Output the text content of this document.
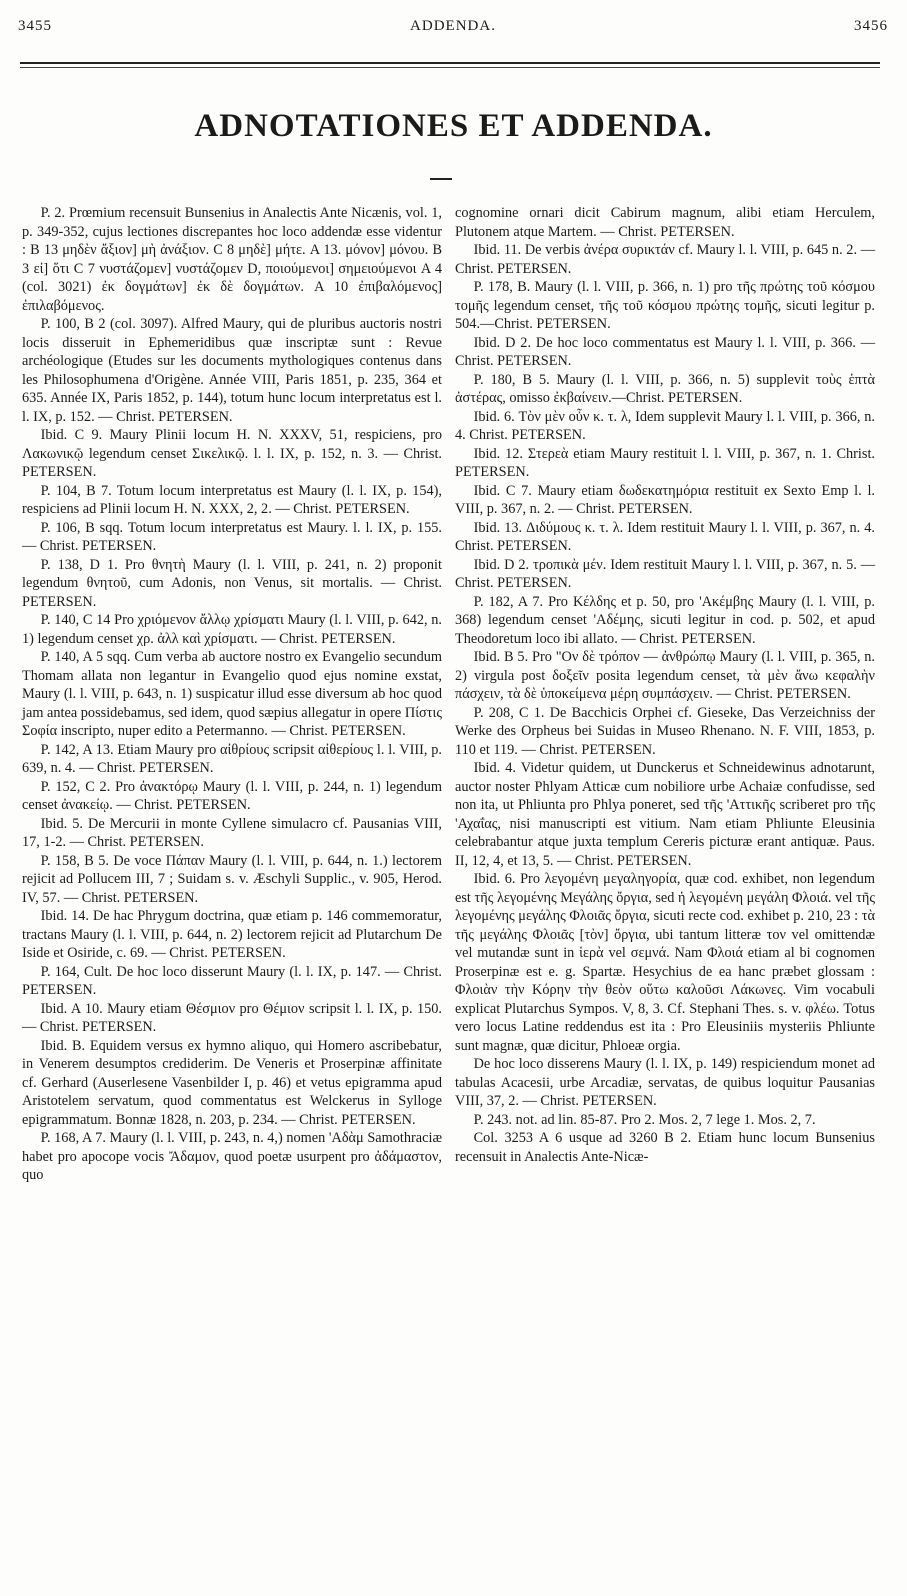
3455	ADDENDA.	3456
ADNOTATIONES ET ADDENDA.

P. 2. Prœmium recensuit Bunsenius in Analectis Ante Nicænis, vol. 1, p. 349-352, cujus lectiones discrepantes hoc loco addendæ esse videntur : B 13 μηδὲν ἄξιον] μὴ ἀνάξιον. C 8 μηδὲ] μήτε. A 13. μόνον] μόνου. B 3 εἰ] ὅτι C 7 νυστάζομεν] νυστάζομεν D, ποιούμενοι] σημειούμενοι A 4 (col. 3021) ἐκ δογμάτων] ἐκ δὲ δογμάτων. A 10 ἐπιβαλόμενος] ἐπιλαβόμενος.

P. 100, B 2 (col. 3097). Alfred Maury, qui de pluribus auctoris nostri locis disseruit in Ephemeridibus quæ inscriptæ sunt : Revue archéologique (Etudes sur les documents mythologiques contenus dans les Philosophumena d'Origène. Année VIII, Paris 1851, p. 235, 364 et 635. Année IX, Paris 1852, p. 144), totum hunc locum interpretatus est l. l. IX, p. 152. — Christ. PETERSEN.

Ibid. C 9. Maury Plinii locum H. N. XXXV, 51, respiciens, pro Λακωνικῷ legendum censet Σικελικῷ. l. l. IX, p. 152, n. 3. — Christ. PETERSEN.

P. 104, B 7. Totum locum interpretatus est Maury (l. l. IX, p. 154), respiciens ad Plinii locum H. N. XXX, 2, 2. — Christ. PETERSEN.

P. 106, B sqq. Totum locum interpretatus est Maury. l. l. IX, p. 155. — Christ. PETERSEN.

P. 138, D 1. Pro θνητὴ Maury (l. l. VIII, p. 241, n. 2) proponit legendum θνητοῦ, cum Adonis, non Venus, sit mortalis. — Christ. PETERSEN.

P. 140, C 14 Pro χριόμενον ἄλλῳ χρίσματι Maury (l. l. VIII, p. 642, n. 1) legendum censet χρ. ἀλλ καὶ χρίσματι. — Christ. PETERSEN.

P. 140, A 5 sqq. Cum verba ab auctore nostro ex Evangelio secundum Thomam allata non legantur in Evangelio quod ejus nomine exstat, Maury (l. l. VIII, p. 643, n. 1) suspicatur illud esse diversum ab hoc quod jam antea possidebamus, sed idem, quod sæpius allegatur in opere Πίστις Σοφία inscripto, nuper edito a Petermanno. — Christ. PETERSEN.

P. 142, A 13. Etiam Maury pro αἰθρίους scripsit αἰθερίους l. l. VIII, p. 639, n. 4. — Christ. PETERSEN.

P. 152, C 2. Pro ἀνακτόρῳ Maury (l. l. VIII, p. 244, n. 1) legendum censet ἀνακείῳ. — Christ. PETERSEN.

Ibid. 5. De Mercurii in monte Cyllene simulacro cf. Pausanias VIII, 17, 1-2. — Christ. PETERSEN.

P. 158, B 5. De voce Πάπαν Maury (l. l. VIII, p. 644, n. 1.) lectorem rejicit ad Pollucem III, 7 ; Suidam s. v. Æschyli Supplic., v. 905, Herod. IV, 57. — Christ. PETERSEN.

Ibid. 14. De hac Phrygum doctrina, quæ etiam p. 146 commemoratur, tractans Maury (l. l. VIII, p. 644, n. 2) lectorem rejicit ad Plutarchum De Iside et Osiride, c. 69. — Christ. PETERSEN.

P. 164, Cult. De hoc loco disserunt Maury (l. l. IX, p. 147. — Christ. PETERSEN.

Ibid. A 10. Maury etiam Θέσμιον pro Θέμιον scripsit l. l. IX, p. 150. — Christ. PETERSEN.

Ibid. B. Equidem versus ex hymno aliquo, qui Homero ascribebatur, in Venerem desumptos crediderim. De Veneris et Proserpinæ affinitate cf. Gerhard (Auserlesene Vasenbilder I, p. 46) et vetus epigramma apud Aristotelem servatum, quod commentatus est Welckerus in Sylloge epigrammatum. Bonnæ 1828, n. 203, p. 234. — Christ. PETERSEN.

P. 168, A 7. Maury (l. l. VIII, p. 243, n. 4,) nomen 'Αδὰμ Samothraciæ habet pro apocope vocis Ἄδαμον, quod poetæ usurpent pro ἀδάμαστον, quo

cognomine ornari dicit Cabirum magnum, alibi etiam Herculem, Plutonem atque Martem. — Christ. PETERSEN.

Ibid. 11. De verbis ἀνέρα συρικτάν cf. Maury l. l. VIII, p. 645 n. 2. — Christ. PETERSEN.

P. 178, B. Maury (l. l. VIII, p. 366, n. 1) pro τῆς πρώτης τοῦ κόσμου τομῆς legendum censet, τῆς τοῦ κόσμου πρώτης τομῆς, sicuti legitur p. 504.—Christ. PETERSEN.

Ibid. D 2. De hoc loco commentatus est Maury l. l. VIII, p. 366. — Christ. PETERSEN.

P. 180, B 5. Maury (l. l. VIII, p. 366, n. 5) supplevit τοὺς ἑπτὰ ἀστέρας, omisso ἐκβαίνειν.—Christ. PETERSEN.

Ibid. 6. Τὸν μὲν οὖν κ. τ. λ, Idem supplevit Maury l. l. VIII, p. 366, n. 4. Christ. PETERSEN.

Ibid. 12. Στερεὰ etiam Maury restituit l. l. VIII, p. 367, n. 1. Christ. PETERSEN.

Ibid. C 7. Maury etiam δωδεκατημόρια restituit ex Sexto Emp l. l. VIII, p. 367, n. 2. — Christ. PETERSEN.

Ibid. 13. Διδύμους κ. τ. λ. Idem restituit Maury l. l. VIII, p. 367, n. 4. Christ. PETERSEN.

Ibid. D 2. τροπικὰ μέν. Idem restituit Maury l. l. VIII, p. 367, n. 5. — Christ. PETERSEN.

P. 182, A 7. Pro Κέλδης et p. 50, pro 'Ακέμβης Maury (l. l. VIII, p. 368) legendum censet 'Αδέμης, sicuti legitur in cod. p. 502, et apud Theodoretum loco ibi allato. — Christ. PETERSEN.

Ibid. B 5. Pro "Ον δὲ τρόπον — ἀνθρώπῳ Maury (l. l. VIII, p. 365, n. 2) virgula post δοξεῖν posita legendum censet, τὰ μὲν ἄνω κεφαλὴν πάσχειν, τὰ δὲ ὑποκείμενα μέρη συμπάσχειν. — Christ. PETERSEN.

P. 208, C 1. De Bacchicis Orphei cf. Gieseke, Das Verzeichniss der Werke des Orpheus bei Suidas in Museo Rhenano. N. F. VIII, 1853, p. 110 et 119. — Christ. PETERSEN.

Ibid. 4. Videtur quidem, ut Dunckerus et Schneidewinus adnotarunt, auctor noster Phlyam Atticæ cum nobiliore urbe Achaiæ confudisse, sed non ita, ut Phliunta pro Phlya poneret, sed τῆς 'Αττικῆς scriberet pro τῆς 'Αχαΐας, nisi manuscripti est vitium. Nam etiam Phliunte Eleusinia celebrabantur atque juxta templum Cereris picturæ erant antiquæ. Paus. II, 12, 4, et 13, 5. — Christ. PETERSEN.

Ibid. 6. Pro λεγομένη μεγαληγορία, quæ cod. exhibet, non legendum est τῆς λεγομένης Μεγάλης ὄργια, sed ἡ λεγομένη μεγάλη Φλοιά. vel τῆς λεγομένης μεγάλης Φλοιᾶς ὄργια, sicuti recte cod. exhibet p. 210, 23 : τὰ τῆς μεγάλης Φλοιᾶς [τὸν] ὄργια, ubi tantum litteræ τον vel omittendæ vel mutandæ sunt in ἱερὰ vel σεμνά. Nam Φλοιά etiam al bi cognomen Proserpinæ est e. g. Spartæ. Hesychius de ea hanc præbet glossam : Φλοιὰν τὴν Κόρην τὴν θεὸν οὕτω καλοῦσι Λάκωνες. Vim vocabuli explicat Plutarchus Sympos. V, 8, 3. Cf. Stephani Thes. s. v. φλέω. Totus vero locus Latine reddendus est ita : Pro Eleusiniis mysteriis Phliunte sunt magnæ, quæ dicitur, Phloeæ orgia.

De hoc loco disserens Maury (l. l. IX, p. 149) respiciendum monet ad tabulas Acacesii, urbe Arcadiæ, servatas, de quibus loquitur Pausanias VIII, 37, 2. — Christ. PETERSEN.

P. 243. not. ad lin. 85-87. Pro 2. Mos. 2, 7 lege 1. Mos. 2, 7.

Col. 3253 A 6 usque ad 3260 B 2. Etiam hunc locum Bunsenius recensuit in Analectis Ante-Nicæ-
